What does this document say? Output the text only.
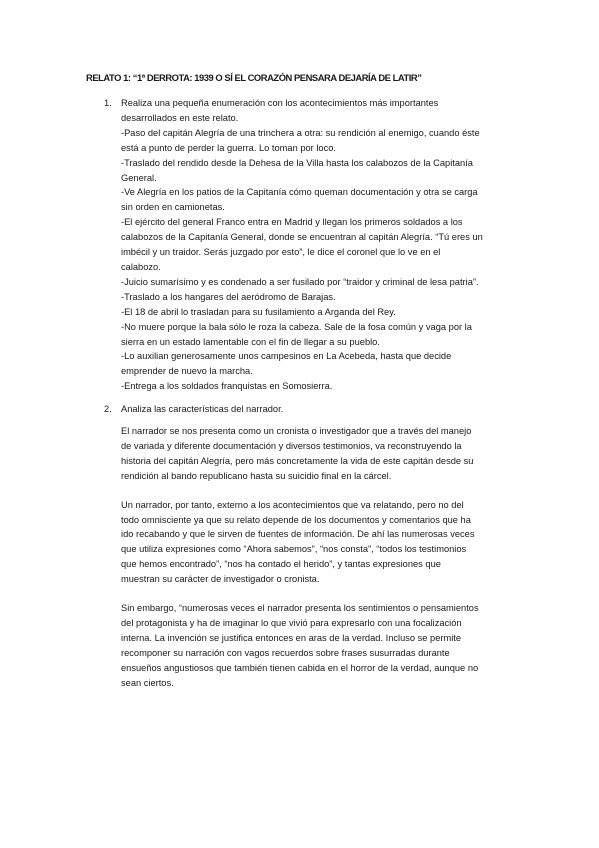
RELATO 1: “1ª DERROTA: 1939 O SÍ EL CORAZÓN PENSARA DEJARÍA DE LATIR”
1. Realiza una pequeña enumeración con los acontecimientos más importantes

desarrollados en este relato.

-Paso del capitán Alegría de una trinchera a otra: su rendición al enemigo, cuando éste

está a punto de perder la guerra. Lo toman por loco.

-Traslado del rendido desde la Dehesa de la Villa hasta los calabozos de la Capitanía

General.

-Ve Alegría en los patios de la Capitanía cómo queman documentación y otra se carga

sin orden en camionetas.

-El ejército del general Franco entra en Madrid y llegan los primeros soldados a los

calabozos de la Capitanía General, donde se encuentran al capitán Alegría. “Tú eres un

imbécil y un traidor. Serás juzgado por esto”, le dice el coronel que lo ve en el

calabozo.

-Juicio sumarísimo y es condenado a ser fusilado por “traidor y criminal de lesa patria”.

-Traslado a los hangares del aeródromo de Barajas.

-El 18 de abril lo trasladan para su fusilamiento a Arganda del Rey.

-No muere porque la bala sólo le roza la cabeza. Sale de la fosa común y vaga por la

sierra en un estado lamentable con el fin de llegar a su pueblo.

-Lo auxilian generosamente unos campesinos en La Acebeda, hasta que decide

emprender de nuevo la marcha.

-Entrega a los soldados franquistas en Somosierra.

2. Analiza las características del narrador.

El narrador se nos presenta como un cronista o investigador que a través del manejo

de variada y diferente documentación y diversos testimonios, va reconstruyendo la

historia del capitán Alegría, pero más concretamente la vida de este capitán desde su

rendición al bando republicano hasta su suicidio final en la cárcel.

Un narrador, por tanto, externo a los acontecimientos que va relatando, pero no del

todo omnisciente ya que su relato depende de los documentos y comentarios que ha

ido recabando y que le sirven de fuentes de información. De ahí las numerosas veces

que utiliza expresiones como “Ahora sabemos”, “nos consta”, “todos los testimonios

que hemos encontrado”, “nos ha contado el herido”, y tantas expresiones que

muestran su carácter de investigador o cronista.

Sin embargo, “numerosas veces el narrador presenta los sentimientos o pensamientos

del protagonista y ha de imaginar lo que vivió para expresarlo con una focalización

interna. La invención se justifica entonces en aras de la verdad. Incluso se permite

recomponer su narración con vagos recuerdos sobre frases susurradas durante

ensueños angustiosos que también tienen cabida en el horror de la verdad, aunque no

sean ciertos.
